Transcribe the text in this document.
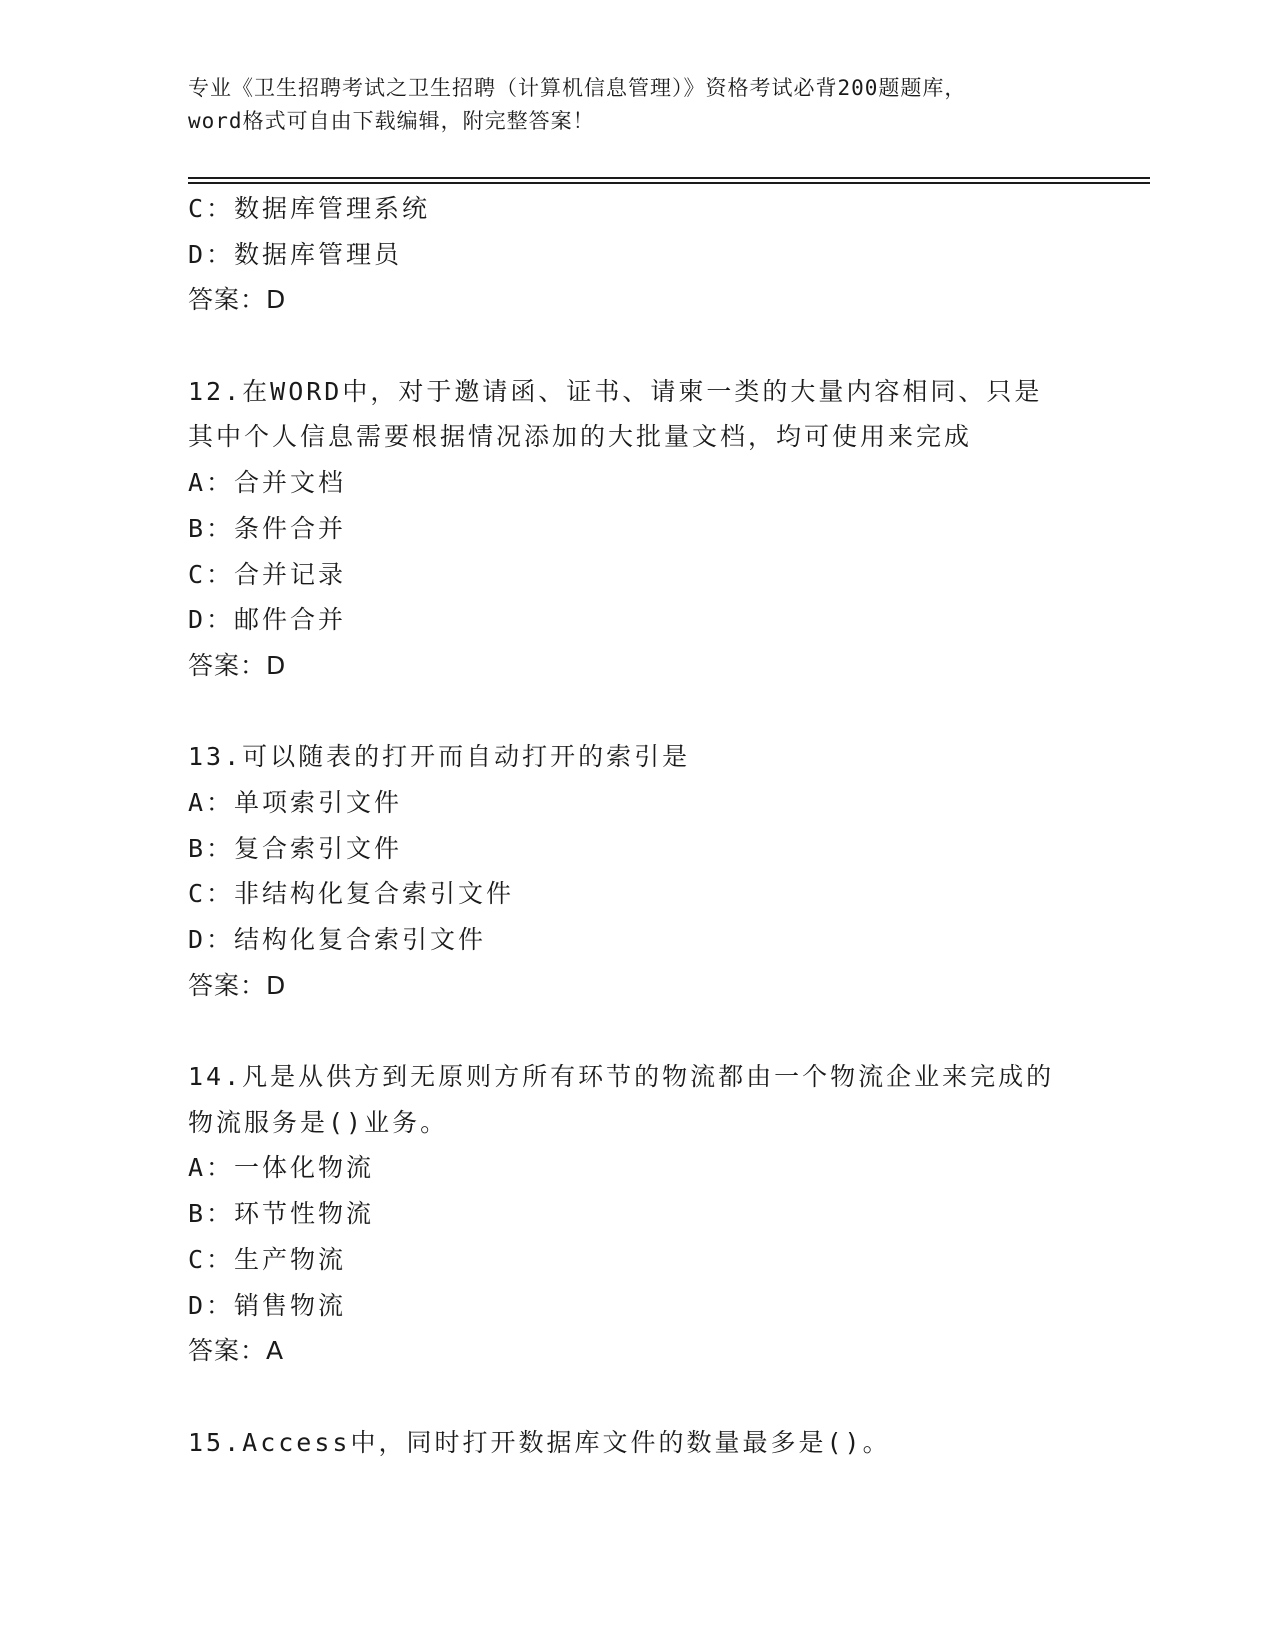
专业《卫生招聘考试之卫生招聘（计算机信息管理）》资格考试必背200题题库，
word格式可自由下载编辑，附完整答案！
C：数据库管理系统
D：数据库管理员
答案：D
12.在WORD中，对于邀请函、证书、请柬一类的大量内容相同、只是
其中个人信息需要根据情况添加的大批量文档，均可使用来完成
A：合并文档
B：条件合并
C：合并记录
D：邮件合并
答案：D
13.可以随表的打开而自动打开的索引是
A：单项索引文件
B：复合索引文件
C：非结构化复合索引文件
D：结构化复合索引文件
答案：D
14.凡是从供方到无原则方所有环节的物流都由一个物流企业来完成的
物流服务是()业务。
A：一体化物流
B：环节性物流
C：生产物流
D：销售物流
答案：A
15.Access中，同时打开数据库文件的数量最多是()。
